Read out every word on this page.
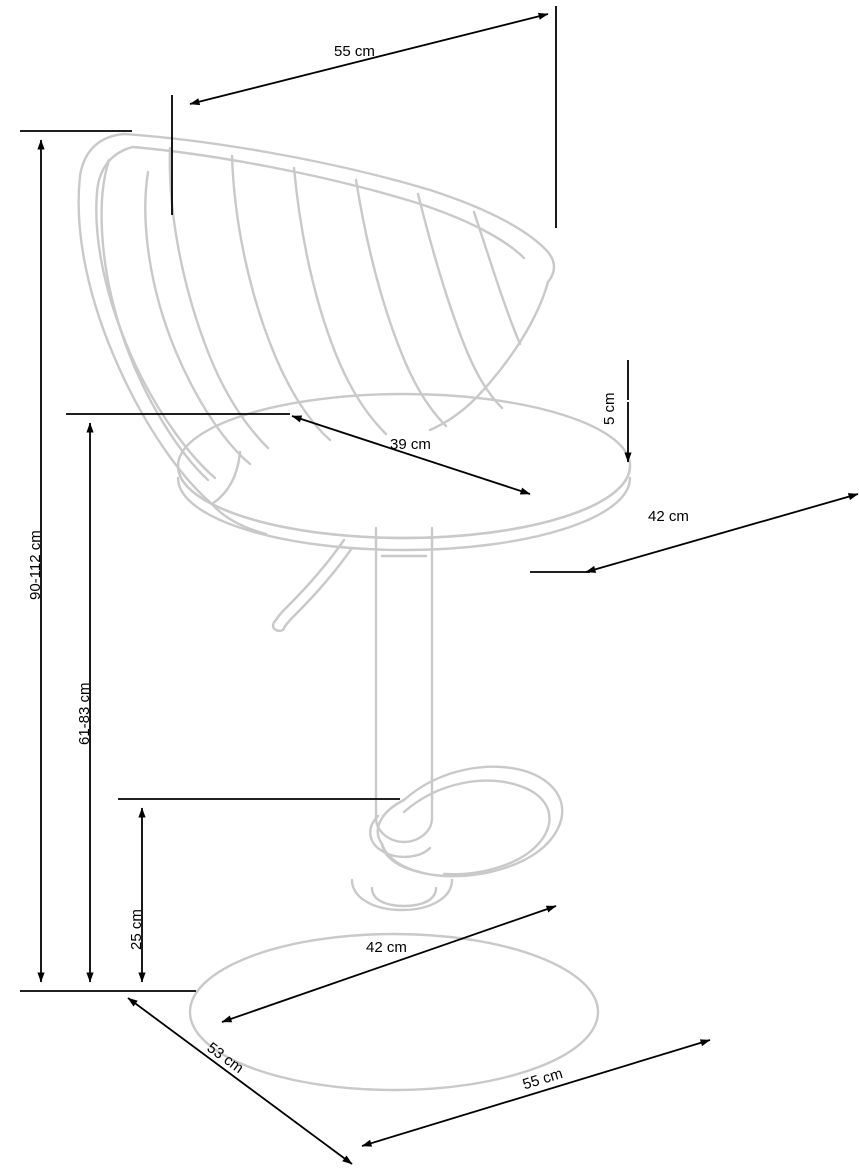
55 cm
90-112 cm
61-83 cm
25 cm
39 cm
5 cm
42 cm
42 cm
53 cm
55 cm
